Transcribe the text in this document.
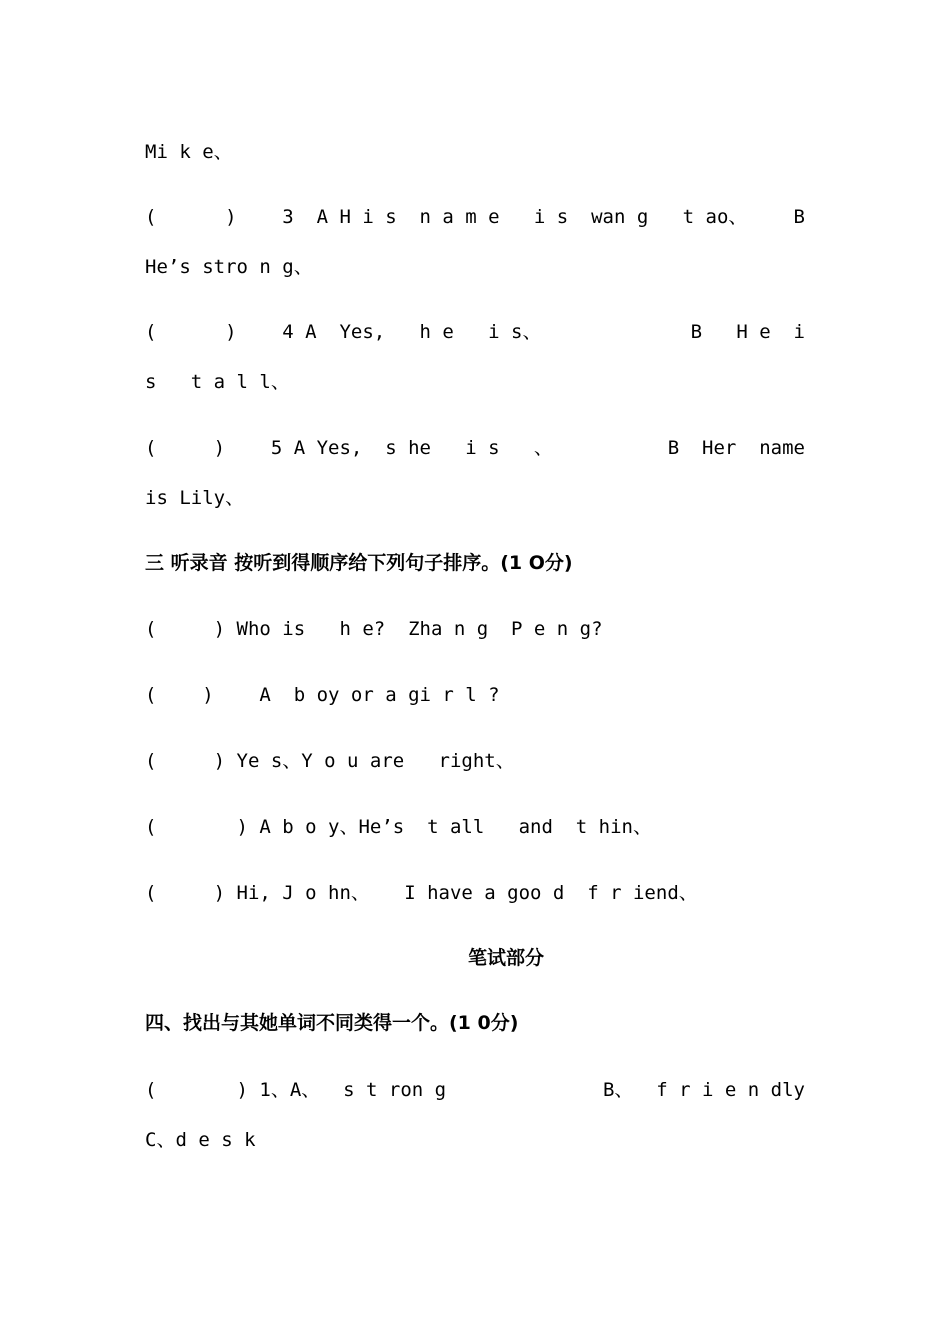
Mi k e、
(      )    3  A H i s  n a m e   i s  wan g   t ao、 B
He’s stro n g、
(      )    4 A  Yes,   h e   i s、	B   H e  i
s   t a l l、
(     )    5 A Yes,  s he   i s   、	B  Her  name
is Lily、
三 听录音 按听到得顺序给下列句子排序。(1 O分)
(     ) Who is   h e?  Zha n g  P e n g?
(    )    A  b oy or a gi r l ?
(     ) Ye s、Y o u are   right、
(       ) A b o y、He’s  t all   and  t hin、
(     ) Hi, J o hn、   I have a goo d  f r iend、
笔试部分
四、找出与其她单词不同类得一个。(1 0分)
(       ) 1、A、  s t ron g	B、  f r i e n dly
C、d e s k
